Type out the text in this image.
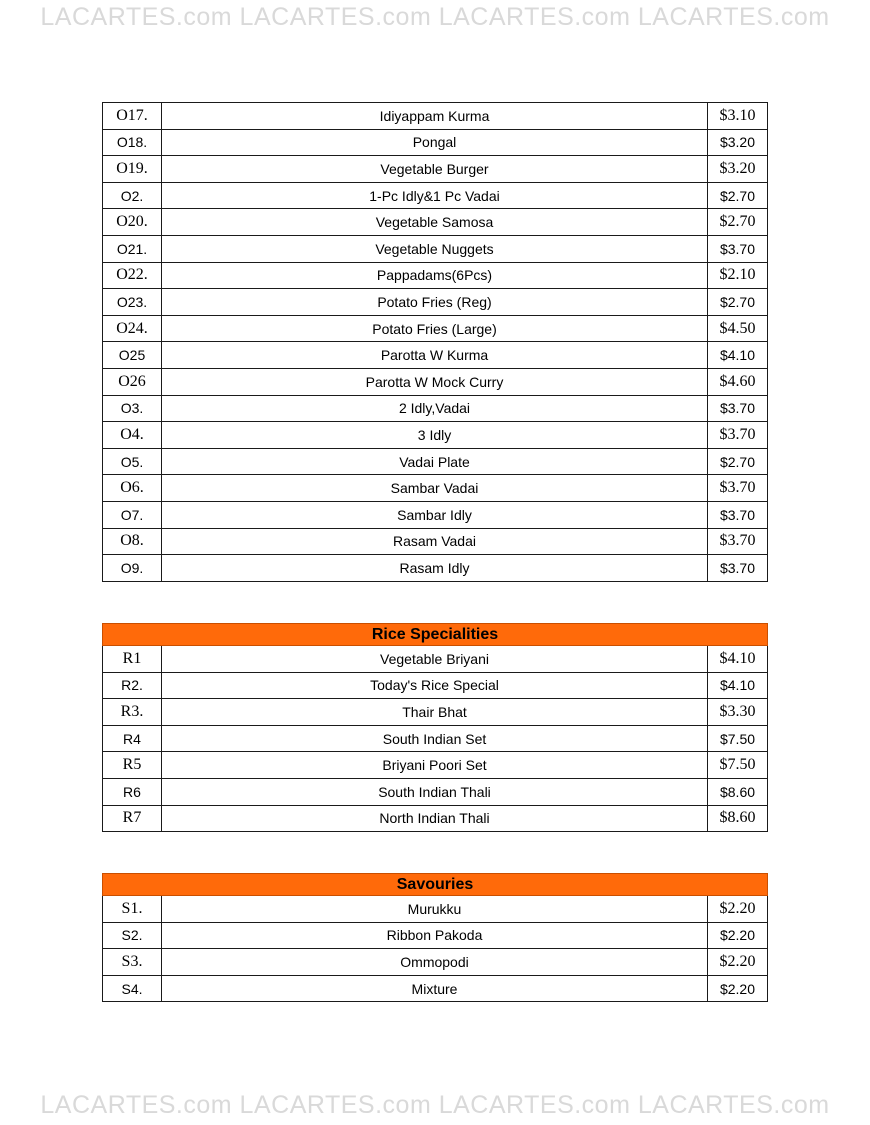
LACARTES.com LACARTES.com LACARTES.com LACARTES.com
O17.	Idiyappam Kurma	$3.10
O18.	Pongal	$3.20
O19.	Vegetable Burger	$3.20
O2.	1-Pc Idly&1 Pc Vadai	$2.70
O20.	Vegetable Samosa	$2.70
O21.	Vegetable Nuggets	$3.70
O22.	Pappadams(6Pcs)	$2.10
O23.	Potato Fries (Reg)	$2.70
O24.	Potato Fries (Large)	$4.50
O25	Parotta W Kurma	$4.10
O26	Parotta W Mock Curry	$4.60
O3.	2 Idly,Vadai	$3.70
O4.	3 Idly	$3.70
O5.	Vadai Plate	$2.70
O6.	Sambar Vadai	$3.70
O7.	Sambar Idly	$3.70
O8.	Rasam Vadai	$3.70
O9.	Rasam Idly	$3.70
Rice Specialities		
R1	Vegetable Briyani	$4.10
R2.	Today's Rice Special	$4.10
R3.	Thair Bhat	$3.30
R4	South Indian Set	$7.50
R5	Briyani Poori Set	$7.50
R6	South Indian Thali	$8.60
R7	North Indian Thali	$8.60
Savouries		
S1.	Murukku	$2.20
S2.	Ribbon Pakoda	$2.20
S3.	Ommopodi	$2.20
S4.	Mixture	$2.20
LACARTES.com LACARTES.com LACARTES.com LACARTES.com
